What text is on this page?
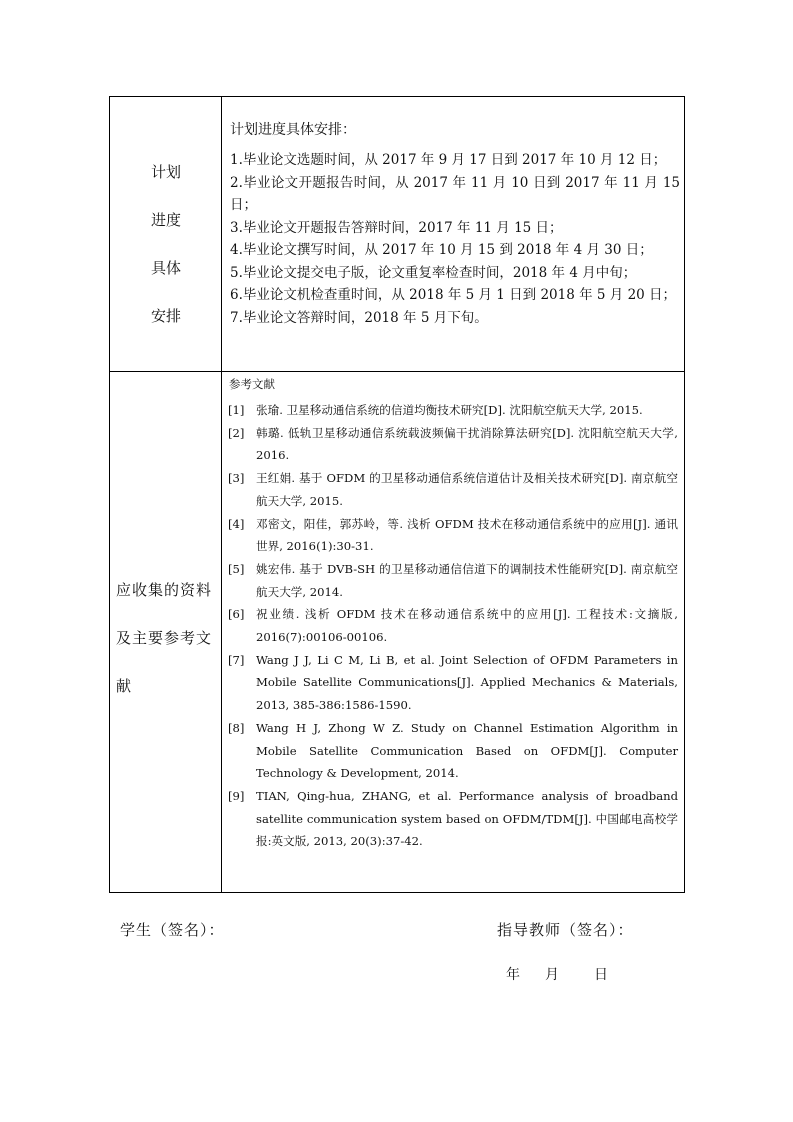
计划
进度
具体
安排
计划进度具体安排：
1.毕业论文选题时间，从 2017 年 9 月 17 日到 2017 年 10 月 12 日；
2.毕业论文开题报告时间，从 2017 年 11 月 10 日到 2017 年 11 月 15 日；
3.毕业论文开题报告答辩时间，2017 年 11 月 15 日；
4.毕业论文撰写时间，从 2017 年 10 月 15 到 2018 年 4 月 30 日；
5.毕业论文提交电子版，论文重复率检查时间，2018 年 4 月中旬；
6.毕业论文机检查重时间，从 2018 年 5 月 1 日到 2018 年 5 月 20 日；
7.毕业论文答辩时间，2018 年 5 月下旬。
应收集的资料
及主要参考文
献
参考文献
[1] 张瑜. 卫星移动通信系统的信道均衡技术研究[D]. 沈阳航空航天大学, 2015.
[2] 韩璐. 低轨卫星移动通信系统载波频偏干扰消除算法研究[D]. 沈阳航空航天大学, 2016.
[3] 王红娟. 基于 OFDM 的卫星移动通信系统信道估计及相关技术研究[D]. 南京航空航天大学, 2015.
[4] 邓密文，阳佳，郭苏岭，等. 浅析 OFDM 技术在移动通信系统中的应用[J]. 通讯世界, 2016(1):30-31.
[5] 姚宏伟. 基于 DVB-SH 的卫星移动通信信道下的调制技术性能研究[D]. 南京航空航天大学, 2014.
[6] 祝业绩. 浅析 OFDM 技术在移动通信系统中的应用[J]. 工程技术:文摘版, 2016(7):00106-00106.
[7] Wang J J, Li C M, Li B, et al. Joint Selection of OFDM Parameters in Mobile Satellite Communications[J]. Applied Mechanics & Materials, 2013, 385-386:1586-1590.
[8] Wang H J, Zhong W Z. Study on Channel Estimation Algorithm in Mobile Satellite Communication Based on OFDM[J]. Computer Technology & Development, 2014.
[9] TIAN, Qing-hua, ZHANG, et al. Performance analysis of broadband satellite communication system based on OFDM/TDM[J]. 中国邮电高校学报:英文版, 2013, 20(3):37-42.
学生（签名）：	指导教师（签名）：
年 月	日
